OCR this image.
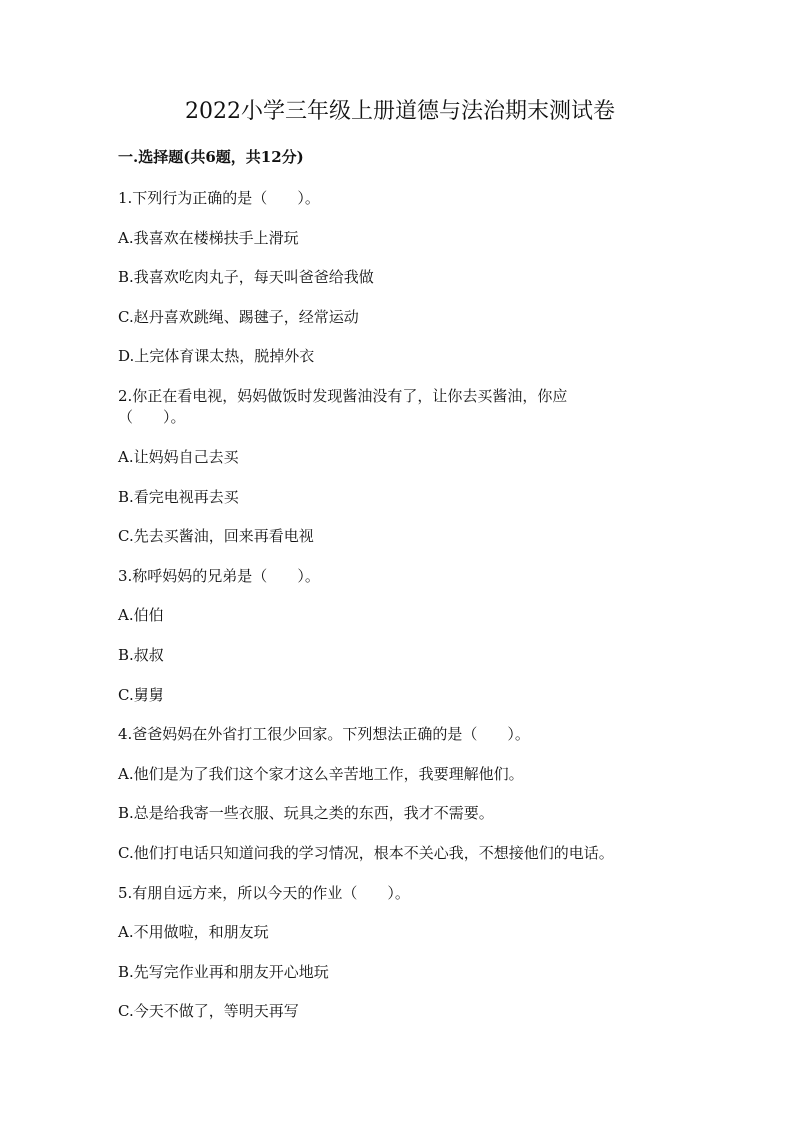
2022小学三年级上册道德与法治期末测试卷
一.选择题(共6题，共12分)
1.下列行为正确的是（　　）。
A.我喜欢在楼梯扶手上滑玩
B.我喜欢吃肉丸子，每天叫爸爸给我做
C.赵丹喜欢跳绳、踢毽子，经常运动
D.上完体育课太热，脱掉外衣
2.你正在看电视，妈妈做饭时发现酱油没有了，让你去买酱油，你应
（　　）。
A.让妈妈自己去买
B.看完电视再去买
C.先去买酱油，回来再看电视
3.称呼妈妈的兄弟是（　　）。
A.伯伯
B.叔叔
C.舅舅
4.爸爸妈妈在外省打工很少回家。下列想法正确的是（　　）。
A.他们是为了我们这个家才这么辛苦地工作，我要理解他们。
B.总是给我寄一些衣服、玩具之类的东西，我才不需要。
C.他们打电话只知道问我的学习情况，根本不关心我，不想接他们的电话。
5.有朋自远方来，所以今天的作业（　　）。
A.不用做啦，和朋友玩
B.先写完作业再和朋友开心地玩
C.今天不做了，等明天再写
